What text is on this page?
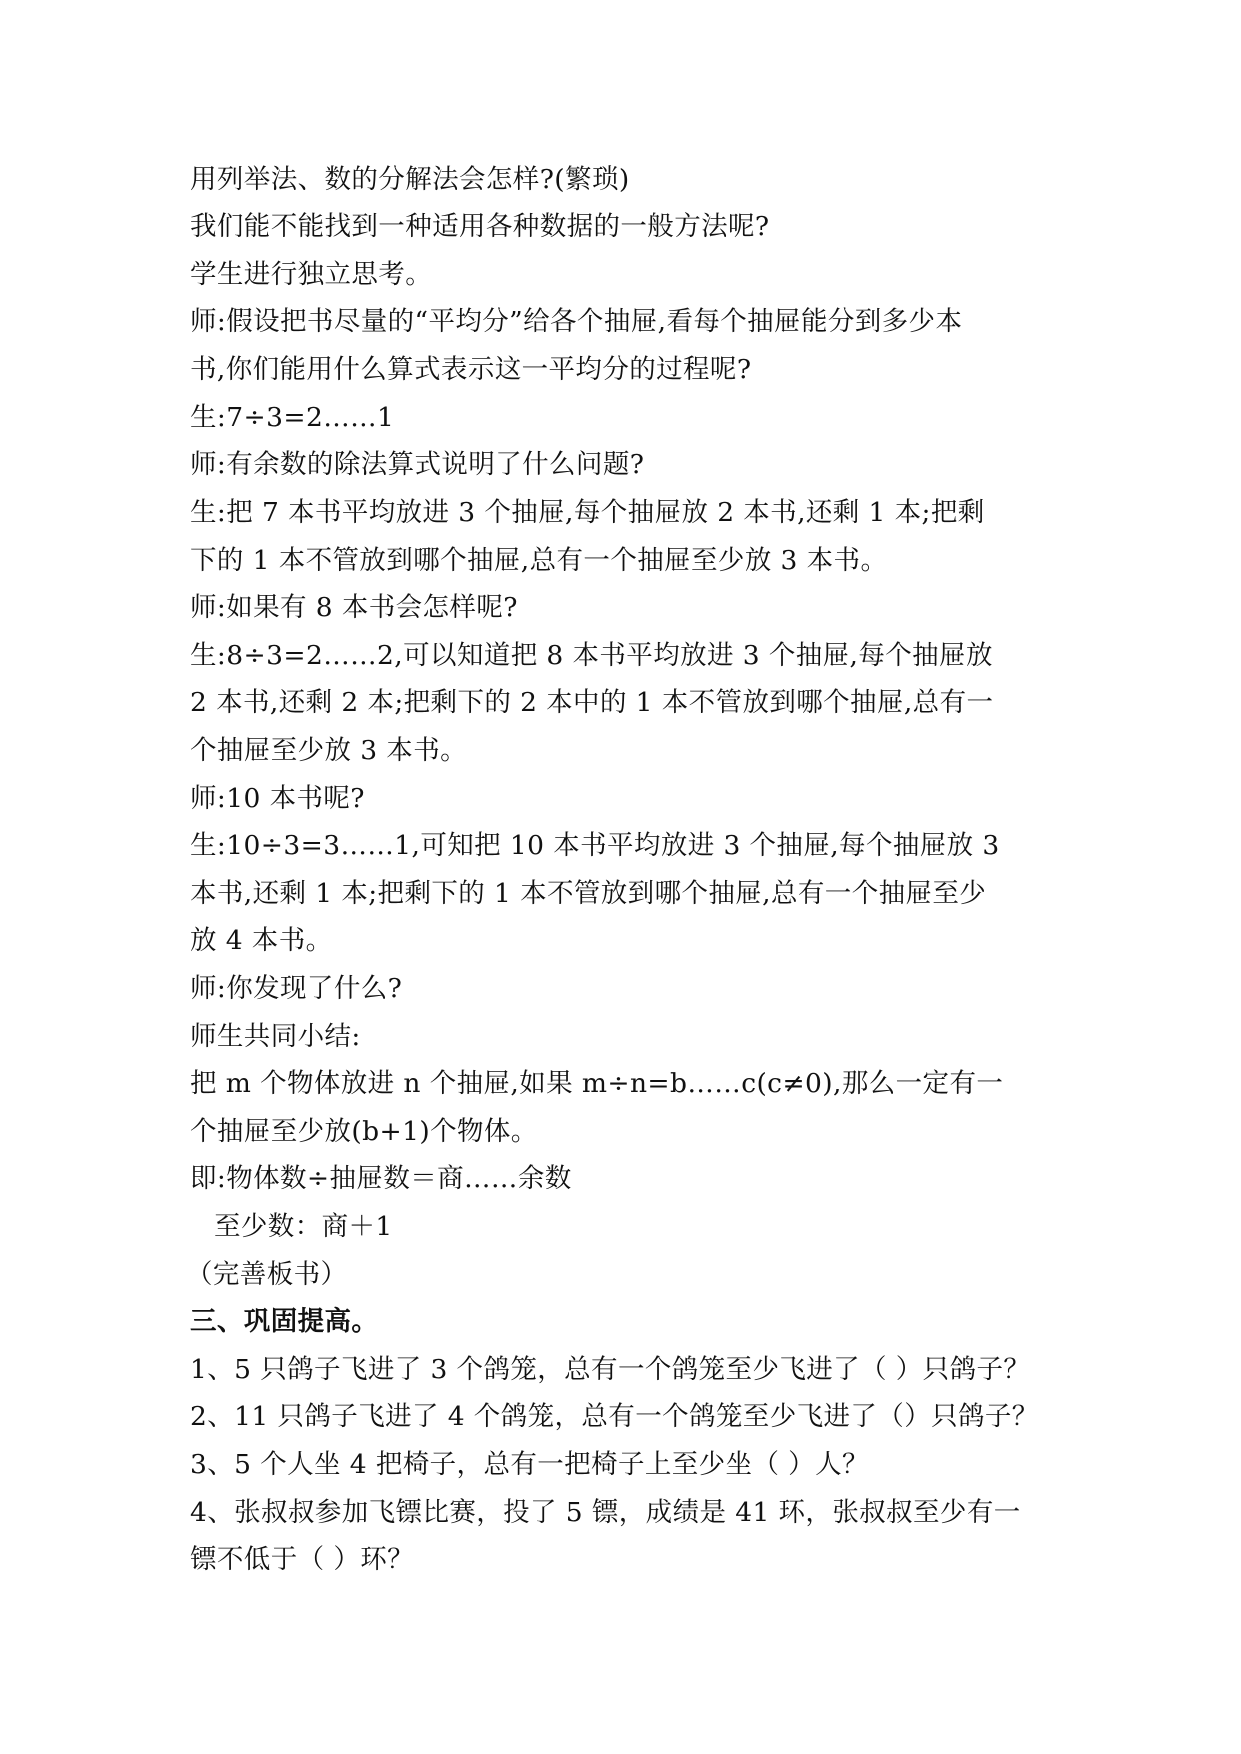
用列举法、数的分解法会怎样?(繁琐)
我们能不能找到一种适用各种数据的一般方法呢?
学生进行独立思考。
师:假设把书尽量的“平均分”给各个抽屉,看每个抽屉能分到多少本
书,你们能用什么算式表示这一平均分的过程呢?
生:7÷3=2……1
师:有余数的除法算式说明了什么问题?
生:把 7 本书平均放进 3 个抽屉,每个抽屉放 2 本书,还剩 1 本;把剩
下的 1 本不管放到哪个抽屉,总有一个抽屉至少放 3 本书。
师:如果有 8 本书会怎样呢?
生:8÷3=2……2,可以知道把 8 本书平均放进 3 个抽屉,每个抽屉放
2 本书,还剩 2 本;把剩下的 2 本中的 1 本不管放到哪个抽屉,总有一
个抽屉至少放 3 本书。
师:10 本书呢?
生:10÷3=3……1,可知把 10 本书平均放进 3 个抽屉,每个抽屉放 3
本书,还剩 1 本;把剩下的 1 本不管放到哪个抽屉,总有一个抽屉至少
放 4 本书。
师:你发现了什么?
师生共同小结:
把 m 个物体放进 n 个抽屉,如果 m÷n=b……c(c≠0),那么一定有一
个抽屉至少放(b+1)个物体。
即:物体数÷抽屉数＝商……余数
至少数：商＋1
（完善板书）
三、巩固提高。
1、5 只鸽子飞进了 3 个鸽笼，总有一个鸽笼至少飞进了（ ）只鸽子？
2、11 只鸽子飞进了 4 个鸽笼，总有一个鸽笼至少飞进了（）只鸽子？
3、5 个人坐 4 把椅子，总有一把椅子上至少坐（ ）人？
4、张叔叔参加飞镖比赛，投了 5 镖，成绩是 41 环，张叔叔至少有一
镖不低于（ ）环？
